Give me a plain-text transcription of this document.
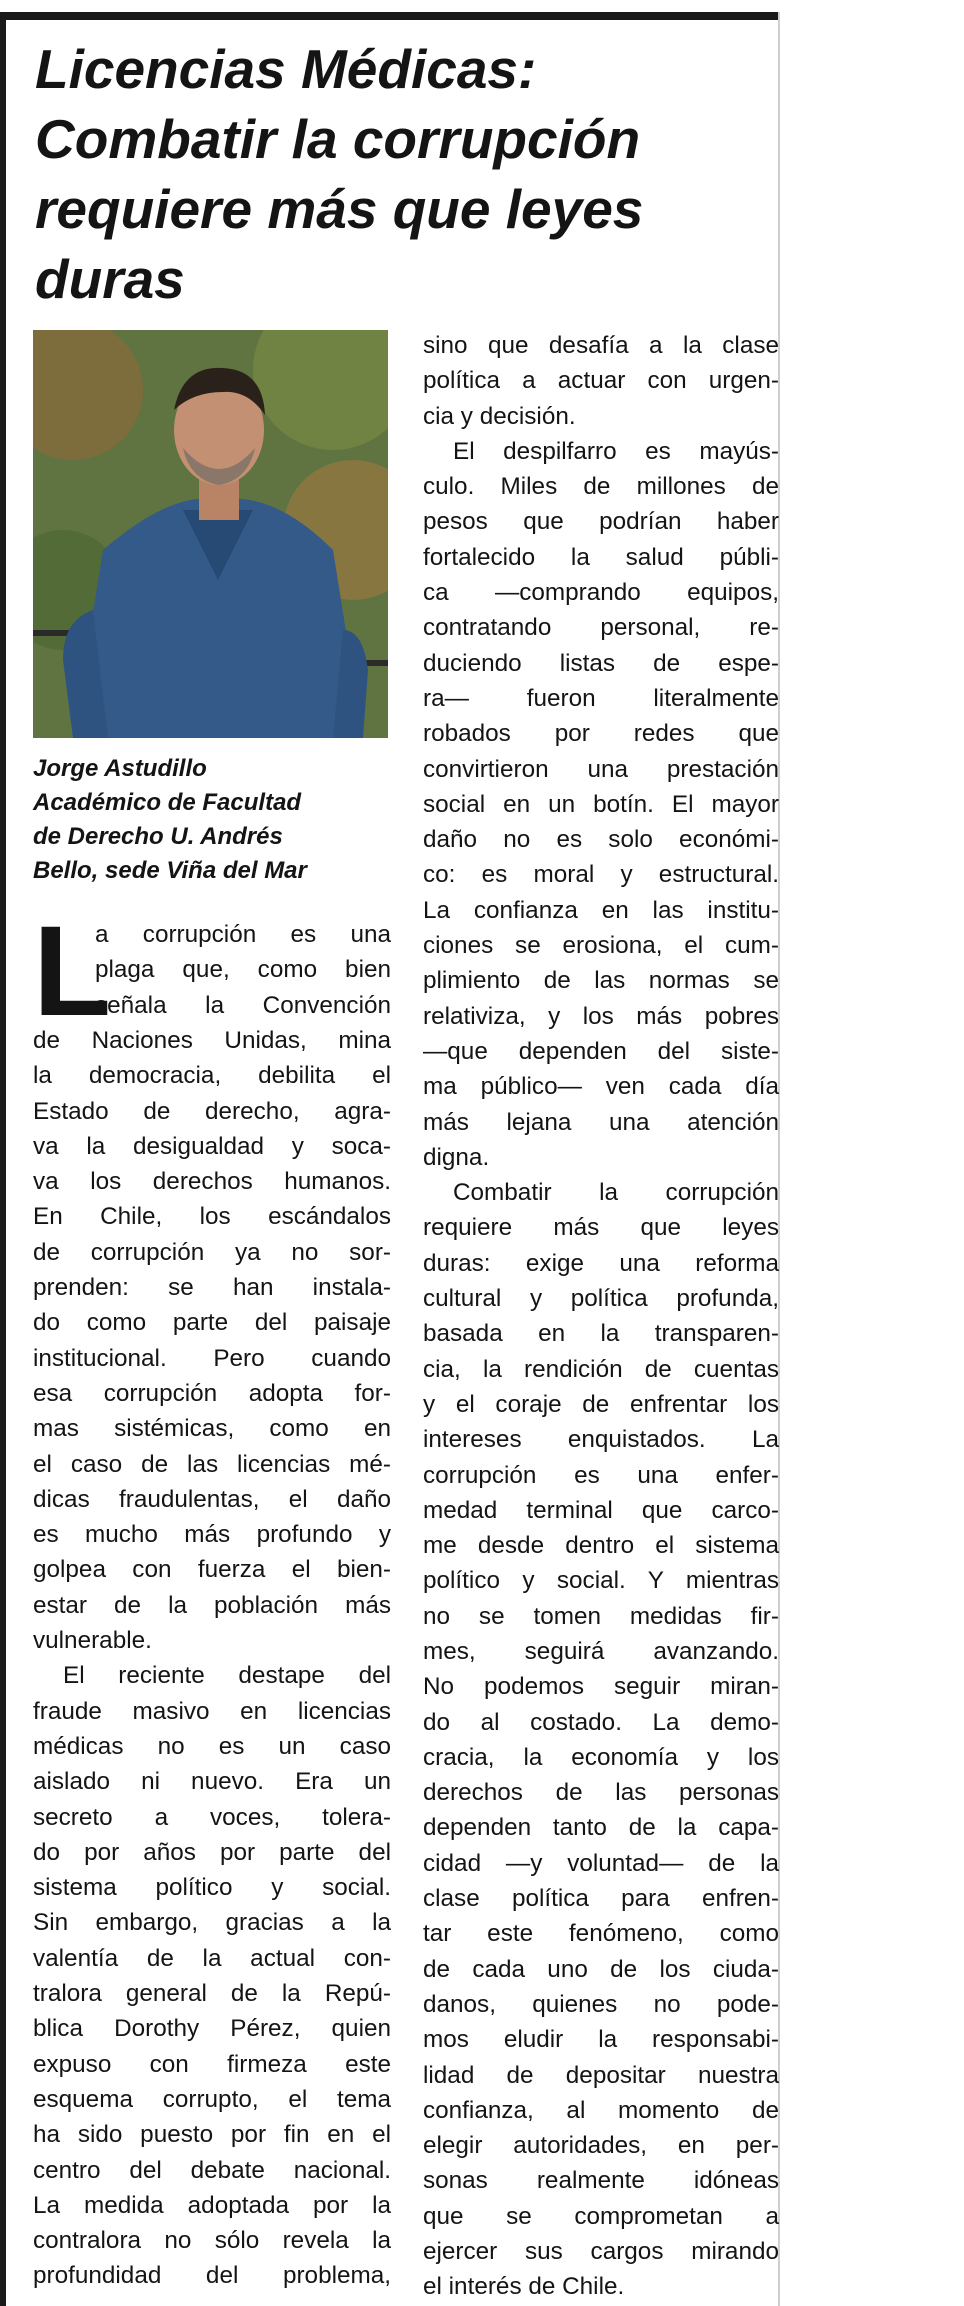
Licencias Médicas:
Combatir la corrupción
requiere más que leyes
duras
Jorge Astudillo
Académico de Facultad
de Derecho U. Andrés
Bello, sede Viña del Mar
L
a corrupción es una
plaga que, como bien
señala la Convención
de Naciones Unidas, mina
la democracia, debilita el
Estado de derecho, agra-
va la desigualdad y soca-
va los derechos humanos.
En Chile, los escándalos
de corrupción ya no sor-
prenden: se han instala-
do como parte del paisaje
institucional. Pero cuando
esa corrupción adopta for-
mas sistémicas, como en
el caso de las licencias mé-
dicas fraudulentas, el daño
es mucho más profundo y
golpea con fuerza el bien-
estar de la población más
vulnerable.
El reciente destape del
fraude masivo en licencias
médicas no es un caso
aislado ni nuevo. Era un
secreto a voces, tolera-
do por años por parte del
sistema político y social.
Sin embargo, gracias a la
valentía de la actual con-
tralora general de la Repú-
blica Dorothy Pérez, quien
expuso con firmeza este
esquema corrupto, el tema
ha sido puesto por fin en el
centro del debate nacional.
La medida adoptada por la
contralora no sólo revela la
profundidad del problema,
sino que desafía a la clase
política a actuar con urgen-
cia y decisión.
El despilfarro es mayús-
culo. Miles de millones de
pesos que podrían haber
fortalecido la salud públi-
ca —comprando equipos,
contratando personal, re-
duciendo listas de espe-
ra— fueron literalmente
robados por redes que
convirtieron una prestación
social en un botín. El mayor
daño no es solo económi-
co: es moral y estructural.
La confianza en las institu-
ciones se erosiona, el cum-
plimiento de las normas se
relativiza, y los más pobres
—que dependen del siste-
ma público— ven cada día
más lejana una atención
digna.
Combatir la corrupción
requiere más que leyes
duras: exige una reforma
cultural y política profunda,
basada en la transparen-
cia, la rendición de cuentas
y el coraje de enfrentar los
intereses enquistados. La
corrupción es una enfer-
medad terminal que carco-
me desde dentro el sistema
político y social. Y mientras
no se tomen medidas fir-
mes, seguirá avanzando.
No podemos seguir miran-
do al costado. La demo-
cracia, la economía y los
derechos de las personas
dependen tanto de la capa-
cidad —y voluntad— de la
clase política para enfren-
tar este fenómeno, como
de cada uno de los ciuda-
danos, quienes no pode-
mos eludir la responsabi-
lidad de depositar nuestra
confianza, al momento de
elegir autoridades, en per-
sonas realmente idóneas
que se comprometan a
ejercer sus cargos mirando
el interés de Chile.
